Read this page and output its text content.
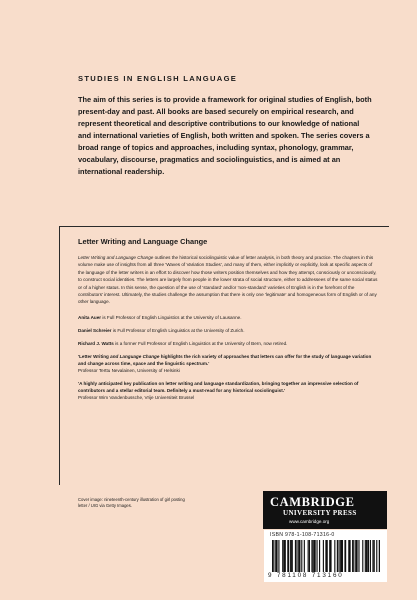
STUDIES IN ENGLISH LANGUAGE
The aim of this series is to provide a framework for original studies of English, both present-day and past. All books are based securely on empirical research, and represent theoretical and descriptive contributions to our knowledge of national and international varieties of English, both written and spoken. The series covers a broad range of topics and approaches, including syntax, phonology, grammar, vocabulary, discourse, pragmatics and sociolinguistics, and is aimed at an international readership.
Letter Writing and Language Change

Letter Writing and Language Change outlines the historical sociolinguistic value of letter analysis, in both theory and practice. The chapters in this volume make use of insights from all three 'Waves of Variation Studies', and many of them, either implicitly or explicitly, look at specific aspects of the language of the letter writers in an effort to discover how those writers position themselves and how they attempt, consciously or unconsciously, to construct social identities. The letters are largely from people in the lower strata of social structure, either to addressees of the same social status or of a higher status. In this sense, the question of the use of 'standard' and/or 'non-standard' varieties of English is in the forefront of the contributors' interest. Ultimately, the studies challenge the assumption that there is only one 'legitimate' and homogeneous form of English or of any other language.

Anita Auer is Full Professor of English Linguistics at the University of Lausanne.
Daniel Schreier is Full Professor of English Linguistics at the University of Zurich.
Richard J. Watts is a former Full Professor of English Linguistics at the University of Bern, now retired.
'Letter Writing and Language Change highlights the rich variety of approaches that letters can offer for the study of language variation and change across time, space and the linguistic spectrum.'
Professor Terttu Nevalainen, University of Helsinki
'A highly anticipated key publication on letter writing and language standardization, bringing together an impressive selection of contributors and a stellar editorial team. Definitely a must-read for any historical sociolinguist.'
Professor Wim Vandenbussche, Vrije Universiteit Brussel
Cover image: nineteenth-century illustration of girl posting letter / UIG via Getty Images.	CAMBRIDGE
UNIVERSITY PRESS
www.cambridge.org
ISBN 978-1-108-71316-0
9 781108 713160
